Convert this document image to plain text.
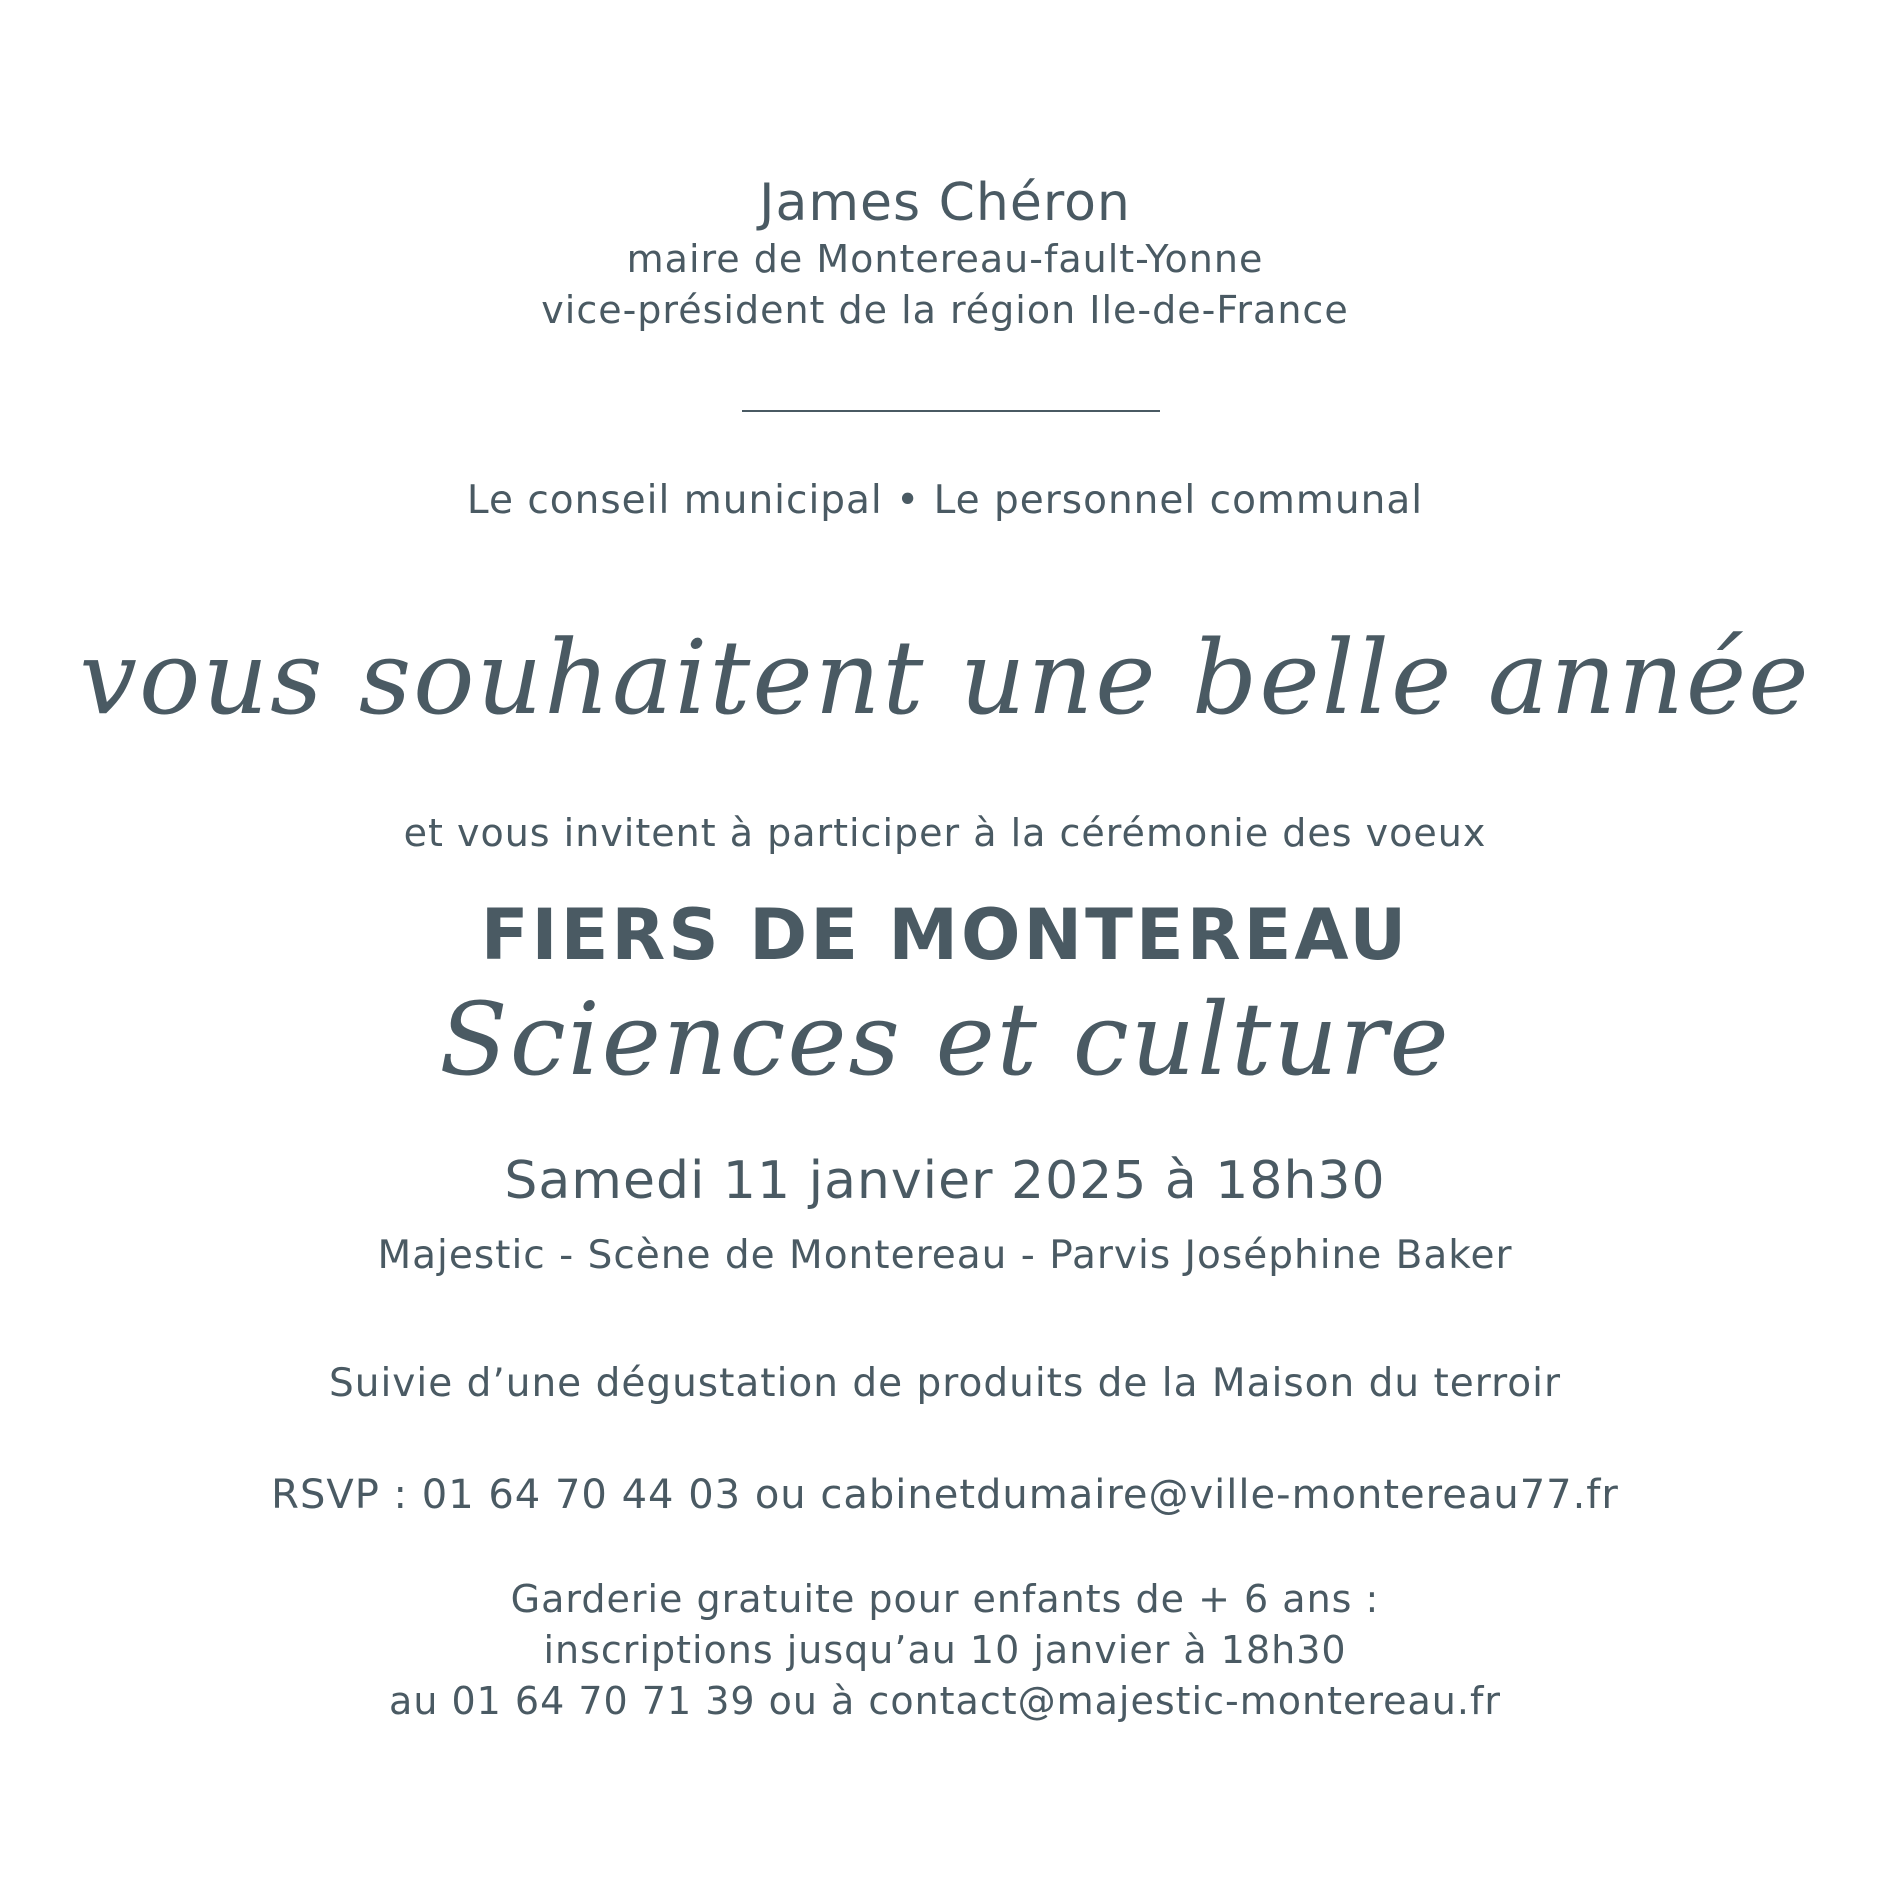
James Chéron
maire de Montereau-fault-Yonne
vice-président de la région Ile-de-France
Le conseil municipal • Le personnel communal
vous souhaitent une belle année
et vous invitent à participer à la cérémonie des voeux
FIERS DE MONTEREAU
Sciences et culture
Samedi 11 janvier 2025 à 18h30
Majestic - Scène de Montereau - Parvis Joséphine Baker
Suivie d’une dégustation de produits de la Maison du terroir
RSVP : 01 64 70 44 03 ou cabinetdumaire@ville-montereau77.fr
Garderie gratuite pour enfants de + 6 ans :
inscriptions jusqu’au 10 janvier à 18h30
au 01 64 70 71 39 ou à contact@majestic-montereau.fr
